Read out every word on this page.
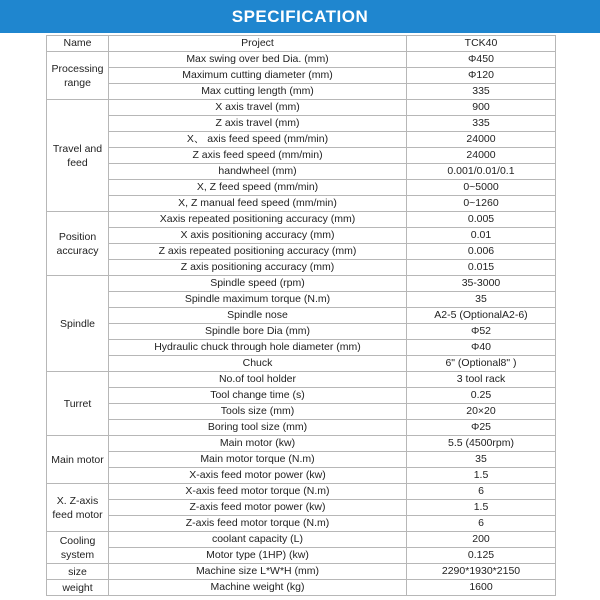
SPECIFICATION
Name	Project	TCK40
Processing range	Max swing over bed Dia. (mm)	Φ450
	Maximum cutting diameter (mm)	Φ120
	Max cutting length (mm)	335
Travel and feed	X axis travel (mm)	900
	Z axis travel (mm)	335
	X、 axis feed speed (mm/min)	24000
	Z axis feed speed (mm/min)	24000
	handwheel (mm)	0.001/0.01/0.1
	X, Z feed speed (mm/min)	0~5000
	X, Z manual feed speed (mm/min)	0~1260
Position accuracy	Xaxis repeated positioning accuracy (mm)	0.005
	X axis positioning accuracy (mm)	0.01
	Z axis repeated positioning accuracy (mm)	0.006
	Z axis positioning accuracy (mm)	0.015
Spindle	Spindle speed (rpm)	35-3000
	Spindle maximum torque (N.m)	35
	Spindle nose	A2-5 (OptionalA2-6)
	Spindle bore Dia (mm)	Φ52
	Hydraulic chuck through hole diameter (mm)	Φ40
	Chuck	6" (Optional8" )
Turret	No.of tool holder	3 tool rack
	Tool change time (s)	0.25
	Tools size (mm)	20×20
	Boring tool size (mm)	Φ25
Main motor	Main motor (kw)	5.5 (4500rpm)
	Main motor torque (N.m)	35
	X-axis feed motor power (kw)	1.5
X. Z-axis feed motor	X-axis feed motor torque (N.m)	6
	Z-axis feed motor power (kw)	1.5
	Z-axis feed motor torque (N.m)	6
Cooling system	coolant capacity (L)	200
	Motor type (1HP) (kw)	0.125
size	Machine size L*W*H (mm)	2290*1930*2150
weight	Machine weight (kg)	1600
